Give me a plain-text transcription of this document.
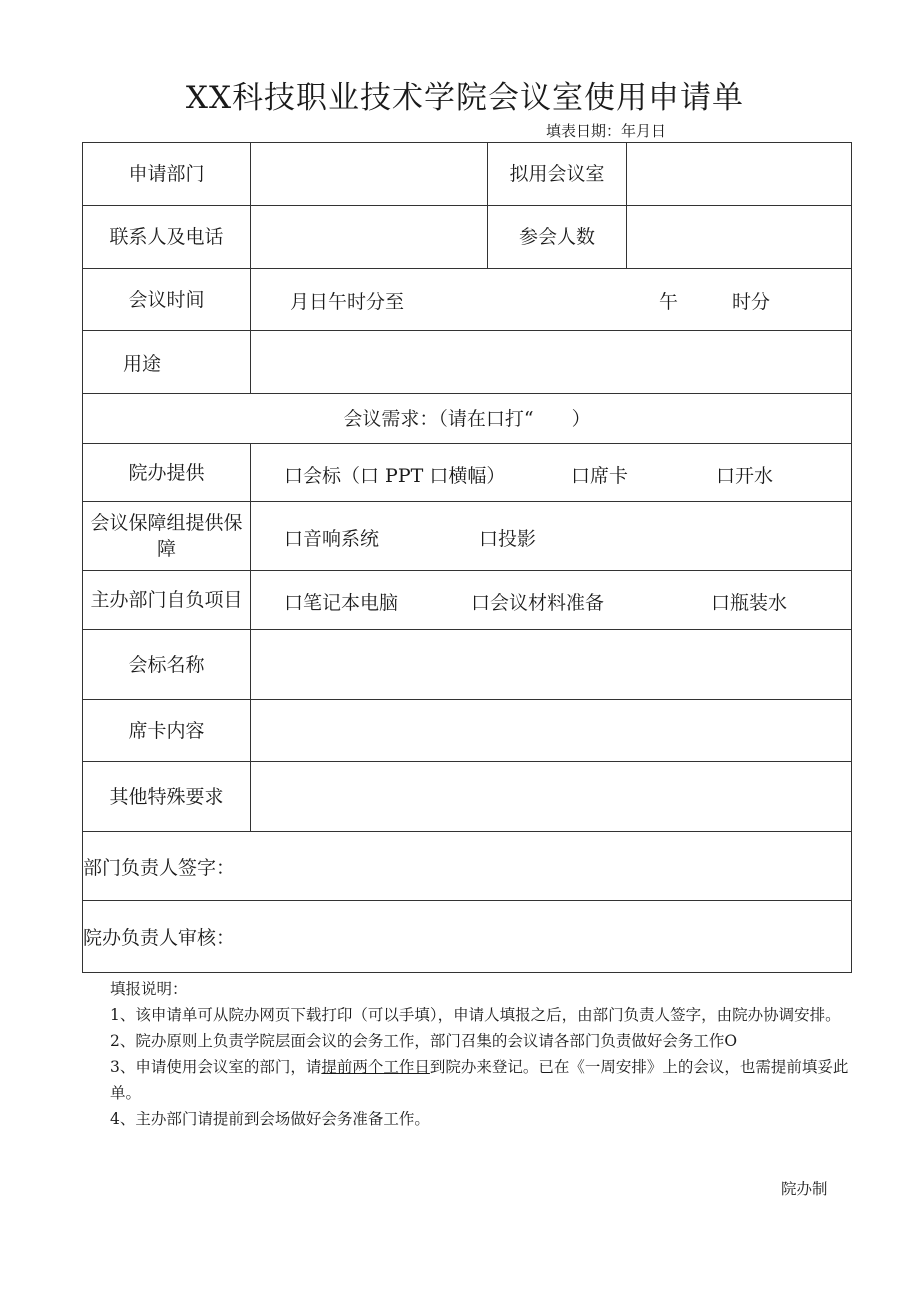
XX科技职业技术学院会议室使用申请单
填表日期：年月日
申请部门		拟用会议室	
联系人及电话		参会人数	
会议时间	月日午时分至 午 时分		

用途			
会议需求：（请在口打“　　）			
院办提供	口会标（口 PPT 口横幅） 口席卡 口开水		

会议保障组提供保障	口音响系统 口投影		

主办部门自负项目	口笔记本电脑 口会议材料准备 口瓶装水		

会标名称			
席卡内容			
其他特殊要求			
部门负责人签字：			
院办负责人审核：			

填报说明：

1、该申请单可从院办网页下载打印（可以手填），申请人填报之后，由部门负责人签字，由院办协调安排。

2、院办原则上负责学院层面会议的会务工作，部门召集的会议请各部门负责做好会务工作O

3、申请使用会议室的部门，请提前两个工作日到院办来登记。已在《一周安排》上的会议，也需提前填妥此单。

4、主办部门请提前到会场做好会务准备工作。

院办制
